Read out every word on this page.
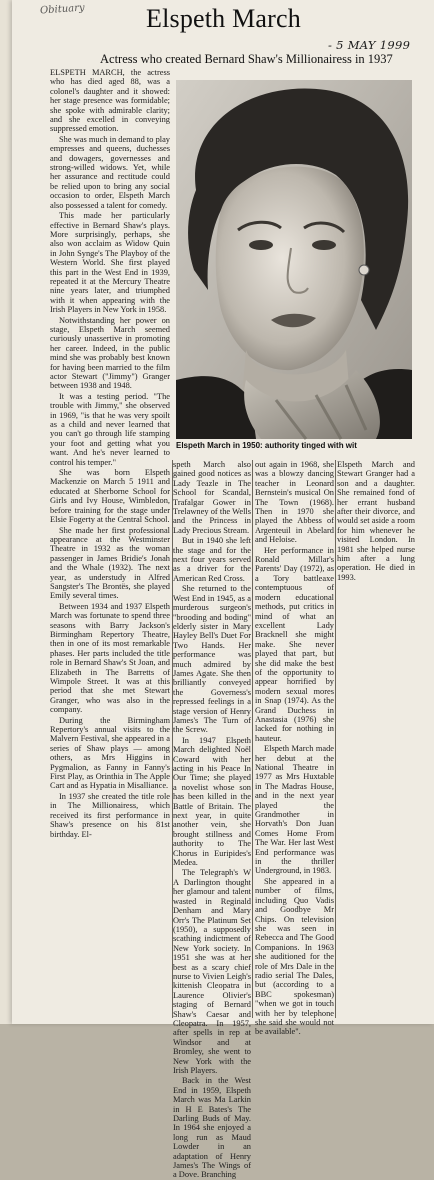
Obituary Elspeth March
- 5 MAY 1999
Actress who created Bernard Shaw's Millionairess in 1937
Elspeth March in 1950: authority tinged with wit

ELSPETH MARCH, the actress who has died aged 88, was a colonel's daughter and it showed: her stage presence was formidable; she spoke with admirable clarity; and she excelled in conveying suppressed emotion.

She was much in demand to play empresses and queens, duchesses and dowagers, governesses and strong-willed widows. Yet, while her assurance and rectitude could be relied upon to bring any social occasion to order, Elspeth March also possessed a talent for comedy.

This made her particularly effective in Bernard Shaw's plays. More surprisingly, perhaps, she also won acclaim as Widow Quin in John Synge's The Playboy of the Western World. She first played this part in the West End in 1939, repeated it at the Mercury Theatre nine years later, and triumphed with it when appearing with the Irish Players in New York in 1958.

Notwithstanding her power on stage, Elspeth March seemed curiously unassertive in promoting her career. Indeed, in the public mind she was probably best known for having been married to the film actor Stewart ("Jimmy") Granger between 1938 and 1948.

It was a testing period. "The trouble with Jimmy," she observed in 1969, "is that he was very spoilt as a child and never learned that you can't go through life stamping your foot and getting what you want. And he's never learned to control his temper."

She was born Elspeth Mackenzie on March 5 1911 and educated at Sherborne School for Girls and Ivy House, Wimbledon, before training for the stage under Elsie Fogerty at the Central School.

She made her first professional appearance at the Westminster Theatre in 1932 as the woman passenger in James Bridie's Jonah and the Whale (1932). The next year, as understudy in Alfred Sangster's The Brontës, she played Emily several times.

Between 1934 and 1937 Elspeth March was fortunate to spend three seasons with Barry Jackson's Birmingham Repertory Theatre, then in one of its most remarkable phases. Her parts included the title role in Bernard Shaw's St Joan, and Elizabeth in The Barretts of Wimpole Street. It was at this period that she met Stewart Granger, who was also in the company.

During the Birmingham Repertory's annual visits to the Malvern Festival, she appeared in a series of Shaw plays — among others, as Mrs Higgins in Pygmalion, as Fanny in Fanny's First Play, as Orinthia in The Apple Cart and as Hypatia in Misalliance.

In 1937 she created the title role in The Millionairess, which received its first performance in Shaw's presence on his 81st birthday. El-

speth March also gained good notices as Lady Teazle in The School for Scandal, Trafalgar Gower in Trelawney of the Wells and the Princess in Lady Precious Stream.

But in 1940 she left the stage and for the next four years served as a driver for the American Red Cross.

She returned to the West End in 1945, as a murderous surgeon's "brooding and boding" elderly sister in Mary Hayley Bell's Duet For Two Hands. Her performance was much admired by James Agate. She then brilliantly conveyed the Governess's repressed feelings in a stage version of Henry James's The Turn of the Screw.

In 1947 Elspeth March delighted Noël Coward with her acting in his Peace In Our Time; she played a novelist whose son has been killed in the Battle of Britain. The next year, in quite another vein, she brought stillness and authority to The Chorus in Euripides's Medea.

The Telegraph's W A Darlington thought her glamour and talent wasted in Reginald Denham and Mary Orr's The Platinum Set (1950), a supposedly scathing indictment of New York society. In 1951 she was at her best as a scary chief nurse to Vivien Leigh's kittenish Cleopatra in Laurence Olivier's staging of Bernard Shaw's Caesar and Cleopatra. In 1957, after spells in rep at Windsor and at Bromley, she went to New York with the Irish Players.

Back in the West End in 1959, Elspeth March was Ma Larkin in H E Bates's The Darling Buds of May. In 1964 she enjoyed a long run as Maud Lowder in an adaptation of Henry James's The Wings of a Dove. Branching

out again in 1968, she was a blowzy dancing teacher in Leonard Bernstein's musical On The Town (1968). Then in 1970 she played the Abbess of Argenteuil in Abelard and Heloise.

Her performance in Ronald Millar's Parents' Day (1972), as a Tory battleaxe contemptuous of modern educational methods, put critics in mind of what an excellent Lady Bracknell she might make. She never played that part, but she did make the best of the opportunity to appear horrified by modern sexual mores in Snap (1974). As the Grand Duchess in Anastasia (1976) she lacked for nothing in hauteur.

Elspeth March made her debut at the National Theatre in 1977 as Mrs Huxtable in The Madras House, and in the next year played the Grandmother in Horvath's Don Juan Comes Home From The War. Her last West End performance was in the thriller Underground, in 1983.

She appeared in a number of films, including Quo Vadis and Goodbye Mr Chips. On television she was seen in Rebecca and The Good Companions. In 1963 she auditioned for the role of Mrs Dale in the radio serial The Dales, but (according to a BBC spokesman) "when we got in touch with her by telephone she said she would not be available".

Elspeth March and Stewart Granger had a son and a daughter. She remained fond of her errant husband after their divorce, and would set aside a room for him whenever he visited London. In 1981 she helped nurse him after a lung operation. He died in 1993.
